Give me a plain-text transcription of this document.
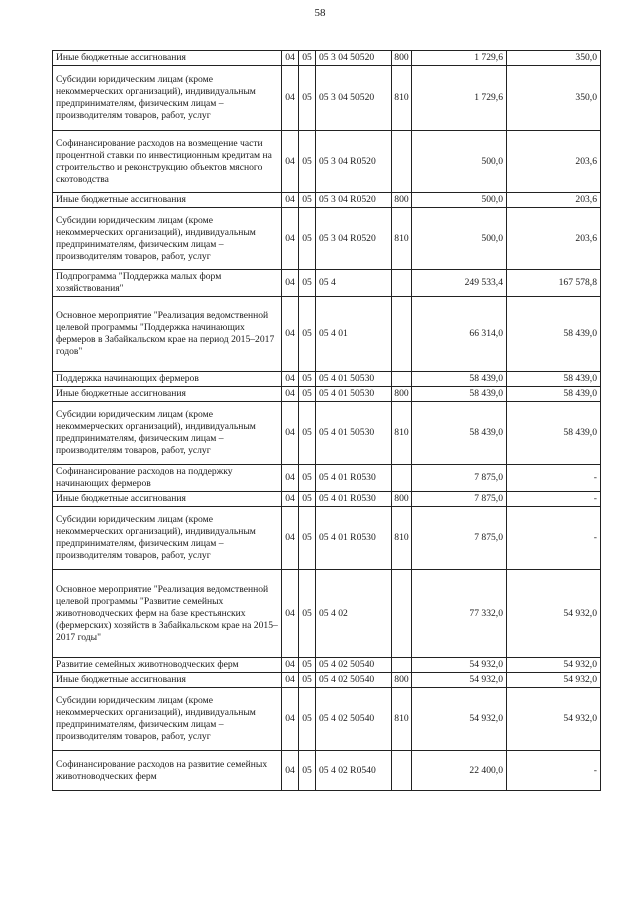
58
Иные бюджетные ассигнования	04	05	05 3 04 50520	800	1 729,6	350,0
Субсидии юридическим лицам (кроме некоммерческих организаций), индивидуальным предпринимателям, физическим лицам – производителям товаров, работ, услуг	04	05	05 3 04 50520	810	1 729,6	350,0
Софинансирование расходов на возмещение части процентной ставки по инвестиционным кредитам на строительство и реконструкцию объектов мясного скотоводства	04	05	05 3 04 R0520		500,0	203,6
Иные бюджетные ассигнования	04	05	05 3 04 R0520	800	500,0	203,6
Субсидии юридическим лицам (кроме некоммерческих организаций), индивидуальным предпринимателям, физическим лицам – производителям товаров, работ, услуг	04	05	05 3 04 R0520	810	500,0	203,6
Подпрограмма "Поддержка малых форм хозяйствования"	04	05	05 4		249 533,4	167 578,8
Основное мероприятие "Реализация ведомственной целевой программы "Поддержка начинающих фермеров в Забайкальском крае на период 2015–2017 годов"	04	05	05 4 01		66 314,0	58 439,0
Поддержка начинающих фермеров	04	05	05 4 01 50530		58 439,0	58 439,0
Иные бюджетные ассигнования	04	05	05 4 01 50530	800	58 439,0	58 439,0
Субсидии юридическим лицам (кроме некоммерческих организаций), индивидуальным предпринимателям, физическим лицам – производителям товаров, работ, услуг	04	05	05 4 01 50530	810	58 439,0	58 439,0
Софинансирование расходов на поддержку начинающих фермеров	04	05	05 4 01 R0530		7 875,0	-
Иные бюджетные ассигнования	04	05	05 4 01 R0530	800	7 875,0	-
Субсидии юридическим лицам (кроме некоммерческих организаций), индивидуальным предпринимателям, физическим лицам – производителям товаров, работ, услуг	04	05	05 4 01 R0530	810	7 875,0	-
Основное мероприятие "Реализация ведомственной целевой программы "Развитие семейных животноводческих ферм на базе крестьянских (фермерских) хозяйств в Забайкальском крае на 2015–2017 годы"	04	05	05 4 02		77 332,0	54 932,0
Развитие семейных животноводческих ферм	04	05	05 4 02 50540		54 932,0	54 932,0
Иные бюджетные ассигнования	04	05	05 4 02 50540	800	54 932,0	54 932,0
Субсидии юридическим лицам (кроме некоммерческих организаций), индивидуальным предпринимателям, физическим лицам – производителям товаров, работ, услуг	04	05	05 4 02 50540	810	54 932,0	54 932,0
Софинансирование расходов на развитие семейных животноводческих ферм	04	05	05 4 02 R0540		22 400,0	-
